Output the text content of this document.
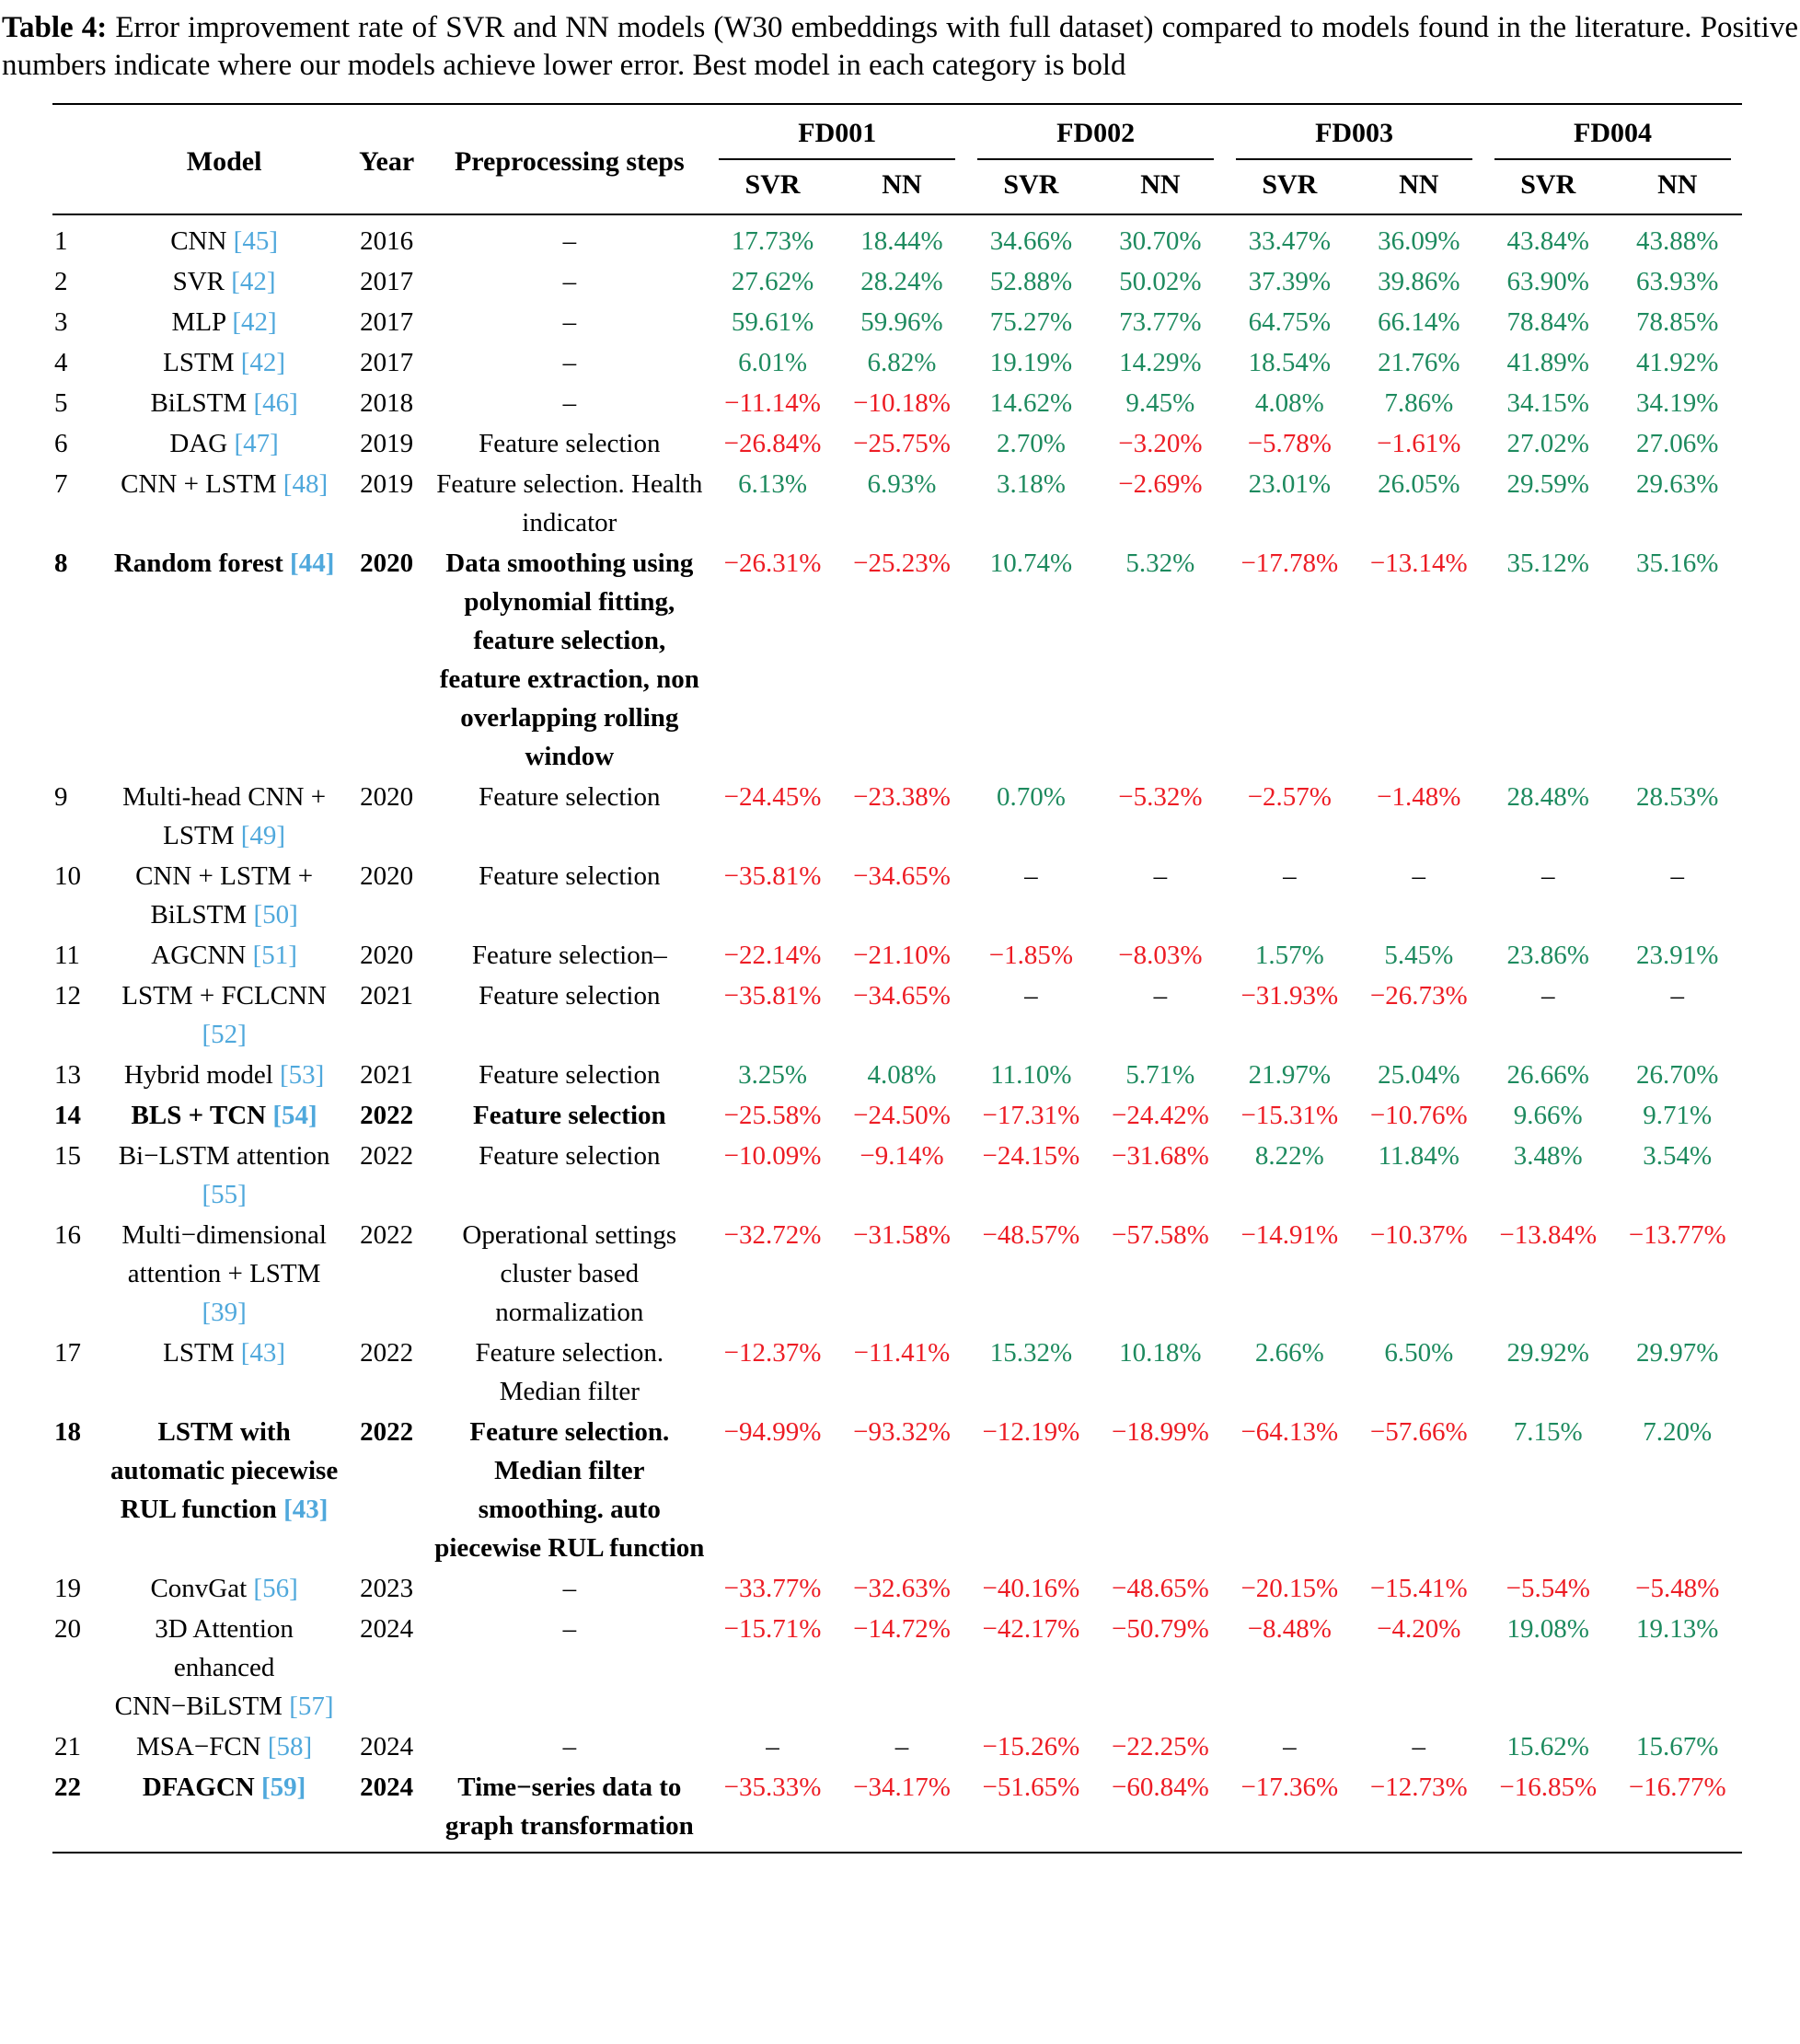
Table 4: Error improvement rate of SVR and NN models (W30 embeddings with full dataset) compared to models found in the literature. Positive numbers indicate where our models achieve lower error. Best model in each category is bold
	Model	Year	Preprocessing steps	FD001		FD002		FD003		FD004	

				SVR	NN	SVR	NN	SVR	NN	SVR	NN
1	CNN [45]	2016	–	17.73%	18.44%	34.66%	30.70%	33.47%	36.09%	43.84%	43.88%
2	SVR [42]	2017	–	27.62%	28.24%	52.88%	50.02%	37.39%	39.86%	63.90%	63.93%
3	MLP [42]	2017	–	59.61%	59.96%	75.27%	73.77%	64.75%	66.14%	78.84%	78.85%
4	LSTM [42]	2017	–	6.01%	6.82%	19.19%	14.29%	18.54%	21.76%	41.89%	41.92%
5	BiLSTM [46]	2018	–	−11.14%	−10.18%	14.62%	9.45%	4.08%	7.86%	34.15%	34.19%
6	DAG [47]	2019	Feature selection	−26.84%	−25.75%	2.70%	−3.20%	−5.78%	−1.61%	27.02%	27.06%
7	CNN + LSTM [48]	2019	Feature selection. Health indicator	6.13%	6.93%	3.18%	−2.69%	23.01%	26.05%	29.59%	29.63%
8	Random forest [44]	2020	Data smoothing using polynomial fitting, feature selection, feature extraction, non overlapping rolling window	−26.31%	−25.23%	10.74%	5.32%	−17.78%	−13.14%	35.12%	35.16%
9	Multi-head CNN + LSTM [49]	2020	Feature selection	−24.45%	−23.38%	0.70%	−5.32%	−2.57%	−1.48%	28.48%	28.53%
10	CNN + LSTM + BiLSTM [50]	2020	Feature selection	−35.81%	−34.65%	–	–	–	–	–	–
11	AGCNN [51]	2020	Feature selection–	−22.14%	−21.10%	−1.85%	−8.03%	1.57%	5.45%	23.86%	23.91%
12	LSTM + FCLCNN [52]	2021	Feature selection	−35.81%	−34.65%	–	–	−31.93%	−26.73%	–	–
13	Hybrid model [53]	2021	Feature selection	3.25%	4.08%	11.10%	5.71%	21.97%	25.04%	26.66%	26.70%
14	BLS + TCN [54]	2022	Feature selection	−25.58%	−24.50%	−17.31%	−24.42%	−15.31%	−10.76%	9.66%	9.71%
15	Bi−LSTM attention [55]	2022	Feature selection	−10.09%	−9.14%	−24.15%	−31.68%	8.22%	11.84%	3.48%	3.54%
16	Multi−dimensional attention + LSTM [39]	2022	Operational settings cluster based normalization	−32.72%	−31.58%	−48.57%	−57.58%	−14.91%	−10.37%	−13.84%	−13.77%
17	LSTM [43]	2022	Feature selection. Median filter	−12.37%	−11.41%	15.32%	10.18%	2.66%	6.50%	29.92%	29.97%
18	LSTM with automatic piecewise RUL function [43]	2022	Feature selection. Median filter smoothing. auto piecewise RUL function	−94.99%	−93.32%	−12.19%	−18.99%	−64.13%	−57.66%	7.15%	7.20%
19	ConvGat [56]	2023	–	−33.77%	−32.63%	−40.16%	−48.65%	−20.15%	−15.41%	−5.54%	−5.48%
20	3D Attention enhanced CNN−BiLSTM [57]	2024	–	−15.71%	−14.72%	−42.17%	−50.79%	−8.48%	−4.20%	19.08%	19.13%
21	MSA−FCN [58]	2024	–	–	–	−15.26%	−22.25%	–	–	15.62%	15.67%
22	DFAGCN [59]	2024	Time−series data to graph transformation	−35.33%	−34.17%	−51.65%	−60.84%	−17.36%	−12.73%	−16.85%	−16.77%
